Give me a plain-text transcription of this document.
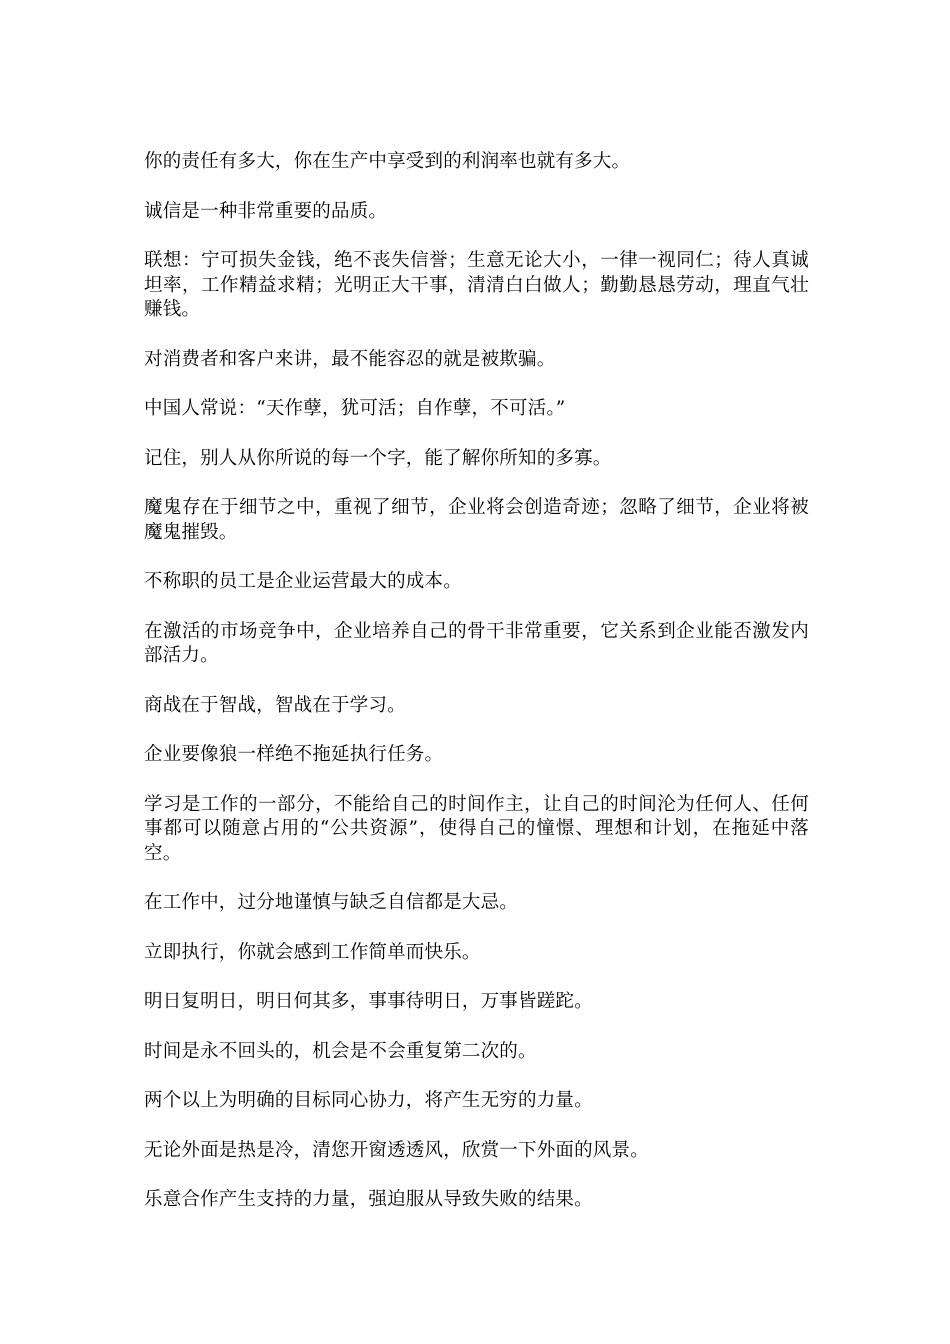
你的责任有多大，你在生产中享受到的利润率也就有多大。

诚信是一种非常重要的品质。

联想：宁可损失金钱，绝不丧失信誉；生意无论大小，一律一视同仁；待人真诚坦率，工作精益求精；光明正大干事，清清白白做人；勤勤恳恳劳动，理直气壮赚钱。

对消费者和客户来讲，最不能容忍的就是被欺骗。

中国人常说：“天作孽，犹可活；自作孽，不可活。”

记住，别人从你所说的每一个字，能了解你所知的多寡。

魔鬼存在于细节之中，重视了细节，企业将会创造奇迹；忽略了细节，企业将被魔鬼摧毁。

不称职的员工是企业运营最大的成本。

在激活的市场竞争中，企业培养自己的骨干非常重要，它关系到企业能否激发内部活力。

商战在于智战，智战在于学习。

企业要像狼一样绝不拖延执行任务。

学习是工作的一部分，不能给自己的时间作主，让自己的时间沦为任何人、任何事都可以随意占用的“公共资源”，使得自己的憧憬、理想和计划，在拖延中落空。

在工作中，过分地谨慎与缺乏自信都是大忌。

立即执行，你就会感到工作简单而快乐。

明日复明日，明日何其多，事事待明日，万事皆蹉跎。

时间是永不回头的，机会是不会重复第二次的。

两个以上为明确的目标同心协力，将产生无穷的力量。

无论外面是热是冷，清您开窗透透风，欣赏一下外面的风景。

乐意合作产生支持的力量，强迫服从导致失败的结果。
